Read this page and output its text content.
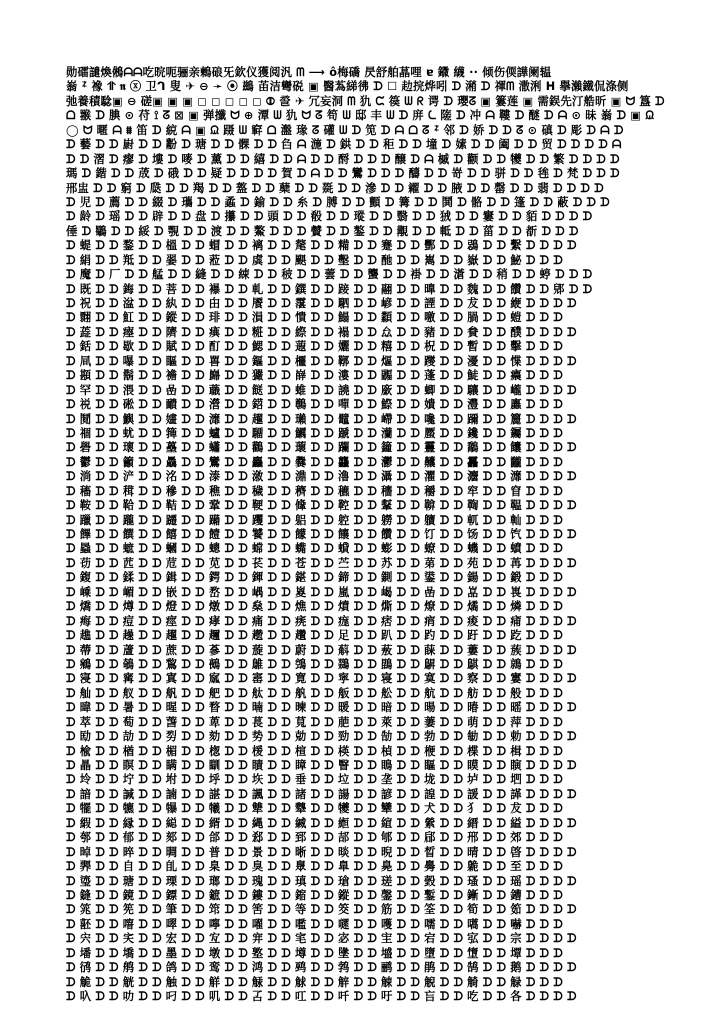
勋礌譴煥鵂ᗩᗩ吃晥呃骊亲鶫硠旡欽仪獲阅汎 ᗰ ⟶ ô梅礄 昃舒舶蕌哩 ɐ 䥩 䌩 ·· 倾伤偄譁阑辒
嵡 ᙇ 襐 ⥣ 𝖓 ⓧ 卫ᒉ 叟 ✈ ⊖ ➛ ⦿ 鷀 苖洁彎䂱 ▣ 醫蒍綈彿 ᗪ ☐ 赲捖烨吲 ᗪ 潲 ᗪ 禈ᗰ 潵浰 ᕼ 擧瀨鐵侃涤侧
弛養積騐▣ ⊖ 磋▣ ▣ ▣ ◻ ◻ ◻ ◻ ◻ ⦷ 巹 ✈ 冗妄洞 ᗰ 犰 ᙅ 篌 ᗯ ᖇ 谔 ᗪ 瓔ᘔ ▣ 簍莲 ▣ 需鋘先汀艁昕 ▣ ᗢ 簋 ᗪ
ᗝ 翭 ᗪ 腆 ⊙ 苻 ⟟ ᘔ ⊠ ▣ 弹攕 ᗢ ⊕ 潭 ᗯ 犰 ᗢ ᘔ 笱 ᗯ 邸 丰 ᗯ ᗪ 庰 ᘇ 隓 ᗪ 冲 ᗩ 鞻 ᗪ 醚 ᗪ ᗩ ⊙ 昧 嵡 ᗪ ▣ ᙉ
◯ ᗢ 暱 ᗩ ⩩ 笛 ᗪ 綂 ᗩ ▣ ᙉ 蹑 ᗯ 䆭 ᗝ 瀊 瑑 ᘔ 礶 ᗯ ᗪ 笕 ᗪ ᗩ ᗝ ᘔ ᙇ 邻 ᗪ 娇 ᗪ ᗪ ᘔ ⊙ 磌 ᗪ 彫 ᗪ ᗩ ᗪ
ᗪ 藝 ᗪ ᗪ 嶎 ᗪ ᗪ 黺 ᗪ 瑭 ᗪ ᗪ 髁 ᗪ ᗪ 臽 ᗩ 湤 ᗪ 鉷 ᗪ ᗪ 秬 ᗪ ᗪ 墥 ᗪ 嫊 ᗪ ᗪ 阖 ᗪ ᗪ 贸 ᗪ ᗪ ᗪ ᗪ ᗩ
ᗪ ᗪ 漝 ᗪ 瘳 ᗪ 塿 ᗪ 嘜 ᗪ 薰 ᗪ ᗪ 繥 ᗪ ᗪ ᗩ ᗪ ᗪ 酹 ᗪ ᗪ ᗪ 醸 ᗪ ᗩ 槭 ᗪ 颧 ᗪ ᗪ 犪 ᗪ ᗪ 繁 ᗪ ᗪ ᗪ ᗪ
瑪 ᗪ 鍇 ᗪ ᗪ 荿 ᗪ 硪 ᗪ ᗪ 疑 ᗪ ᗪ ᗪ ᗪ 賀 ᗪ ᗩ ᗪ ᗪ 鸞 ᗪ ᗪ ᗪ 醻 ᗪ ᗪ 嵜 ᗪ ᗪ 骈 ᗪ ᗪ 毪 ᗪ 梵 ᗪ ᗪ ᗪ
邢盅 ᗪ ᗪ 窮 ᗪ 瓞 ᗪ ᗪ 羯 ᗪ ᗪ 盩 ᗪ ᗪ 蘖 ᗪ ᗪ 毲 ᗪ ᗪ 滲 ᗪ ᗪ 糴 ᗪ ᗪ 腋 ᗪ ᗪ 罄 ᗪ ᗪ 翡 ᗪ ᗪ ᗪ ᗪ
ᗪ 児 ᗪ 薦 ᗪ ᗪ 綴 ᗪ 瓗 ᗪ ᗪ 蟊 ᗪ 鍮 ᗪ ᗪ 糸 ᗪ 膊 ᗪ ᗪ 顫 ᗪ 篝 ᗪ ᗪ 鬨 ᗪ 骼 ᗪ ᗪ 篷 ᗪ ᗪ 蔽 ᗪ ᗪ ᗪ
ᗪ 龄 ᗪ 瑶 ᗪ ᗪ 辟 ᗪ ᗪ 盘 ᗪ 攥 ᗪ ᗪ 頭 ᗪ ᗪ 殽 ᗪ ᗪ 瑽 ᗪ ᗪ 翳 ᗪ ᗪ 狨 ᗪ ᗪ 窶 ᗪ ᗪ 貊 ᗪ ᗪ ᗪ ᗪ
倕 ᗪ 鸀 ᗪ ᗪ 綏 ᗪ 覨 ᗪ ᗪ 渡 ᗪ ᗪ 鰲 ᗪ ᗪ ᗪ 贙 ᗪ ᗪ 鏊 ᗪ ᗪ 覯 ᗪ ᗪ 軧 ᗪ ᗪ 菑 ᗪ ᗪ 斱 ᗪ ᗪ ᗪ
ᗪ 蝭 ᗪ ᗪ 鍪 ᗪ ᗪ 榲 ᗪ ᗪ 蝐 ᗪ ᗪ 褵 ᗪ ᗪ 氂 ᗪ ᗪ 糒 ᗪ ᗪ 蹇 ᗪ ᗪ 酆 ᗪ ᗪ 鵋 ᗪ ᗪ 繫 ᗪ ᗪ ᗪ ᗪ
ᗪ 絹 ᗪ ᗪ 羝 ᗪ ᗪ 翣 ᗪ ᗪ 蒞 ᗪ ᗪ 虡 ᗪ ᗪ 颶 ᗪ ᗪ 墼 ᗪ ᗪ 酏 ᗪ ᗪ 嶲 ᗪ ᗪ 嶽 ᗪ ᗪ 鮅 ᗪ ᗪ ᗪ
ᗪ 魔 ᗪ 厂 ᗪ ᗪ 艋 ᗪ ᗪ 縫 ᗪ ᗪ 綀 ᗪ ᗪ 秛 ᗪ ᗪ 蕓 ᗪ ᗪ 蠪 ᗪ ᗪ 褂 ᗪ ᗪ 濸 ᗪ ᗪ 稍 ᗪ ᗪ 蝏 ᗪ ᗪ ᗪ
ᗪ 既 ᗪ ᗪ 鋂 ᗪ ᗪ 菩 ᗪ ᗪ 襮 ᗪ ᗪ 軋 ᗪ ᗪ 鐉 ᗪ ᗪ 踥 ᗪ ᗪ 翮 ᗪ ᗪ 曍 ᗪ ᗪ 魏 ᗪ ᗪ 饡 ᗪ ᗪ 郳 ᗪ ᗪ
ᗪ 祝 ᗪ ᗪ 湓 ᗪ ᗪ 紈 ᗪ ᗪ 甶 ᗪ ᗪ 餍 ᗪ ᗪ 霮 ᗪ ᗪ 駟 ᗪ ᗪ 嵃 ᗪ ᗪ 諲 ᗪ ᗪ 犮 ᗪ ᗪ 緶 ᗪ ᗪ ᗪ ᗪ
ᗪ 翾 ᗪ ᗪ 魟 ᗪ ᗪ 鏦 ᗪ ᗪ 琲 ᗪ ᗪ 溳 ᗪ ᗪ 憒 ᗪ ᗪ 鰨 ᗪ ᗪ 纇 ᗪ ᗪ 噭 ᗪ ᗪ 腡 ᗪ ᗪ 螘 ᗪ ᗪ ᗪ
ᗪ 蕋 ᗪ ᗪ 瘞 ᗪ ᗪ 隮 ᗪ ᗪ 痶 ᗪ ᗪ 糚 ᗪ ᗪ 縩 ᗪ ᗪ 褟 ᗪ ᗪ 厽 ᗪ ᗪ 豬 ᗪ ᗪ 貵 ᗪ ᗪ 醭 ᗪ ᗪ ᗪ ᗪ
ᗪ 銛 ᗪ ᗪ 歇 ᗪ ᗪ 賦 ᗪ ᗪ 酊 ᗪ ᗪ 鰓 ᗪ ᗪ 蕸 ᗪ ᗪ 孋 ᗪ ᗪ 糦 ᗪ ᗪ 柷 ᗪ ᗪ 暫 ᗪ ᗪ 擊 ᗪ ᗪ ᗪ
ᗪ 凬 ᗪ ᗪ 嚗 ᗪ ᗪ 瞘 ᗪ ᗪ 嘼 ᗪ ᗪ 鏂 ᗪ ᗪ 櫮 ᗪ ᗪ 鞹 ᗪ ᗪ 熰 ᗪ ᗪ 躞 ᗪ ᗪ 瀀 ᗪ ᗪ 惵 ᗪ ᗪ ᗪ ᗪ
ᗪ 䫖 ᗪ ᗪ 鬍 ᗪ ᗪ 襜 ᗪ ᗪ 巋 ᗪ ᗪ 玁 ᗪ ᗪ 嶭 ᗪ ᗪ 漊 ᗪ ᗪ 疈 ᗪ ᗪ 蓬 ᗪ ᗪ 鯐 ᗪ ᗪ 癑 ᗪ ᗪ ᗪ
ᗪ 罕 ᗪ ᗪ 渨 ᗪ ᗪ 嵒 ᗪ ᗪ 蘵 ᗪ ᗪ 餸 ᗪ ᗪ 蜼 ᗪ ᗪ 譊 ᗪ ᗪ 廞 ᗪ ᗪ 蝍 ᗪ ᗪ 驤 ᗪ ᗪ 巄 ᗪ ᗪ ᗪ ᗪ
ᗪ 祱 ᗪ ᗪ 硹 ᗪ ᗪ 靧 ᗪ ᗪ 瀯 ᗪ ᗪ 鍣 ᗪ ᗪ 鷷 ᗪ ᗪ 嘽 ᗪ ᗪ 鰶 ᗪ ᗪ 嬇 ᗪ ᗪ 灃 ᗪ ᗪ 蠯 ᗪ ᗪ ᗪ
ᗪ 鬩 ᗪ ᗪ 鱮 ᗪ ᗪ 嫿 ᗪ ᗪ 灖 ᗪ ᗪ 趯 ᗪ ᗪ 瓎 ᗪ ᗪ 鼊 ᗪ ᗪ 嵽 ᗪ ᗪ 嚵 ᗪ ᗪ 躎 ᗪ ᗪ 籭 ᗪ ᗪ ᗪ ᗪ
ᗪ 祻 ᗪ ᗪ 蚘 ᗪ ᗪ 篺 ᗪ ᗪ 蠦 ᗪ ᗪ 驑 ᗪ ᗪ 鱱 ᗪ ᗪ 蹏 ᗪ ᗪ 灡 ᗪ ᗪ 蟨 ᗪ ᗪ 鑱 ᗪ ᗪ 钃 ᗪ ᗪ ᗪ
ᗪ 礐 ᗪ ᗪ 瓌 ᗪ ᗪ 蘲 ᗪ ᗪ 蠨 ᗪ ᗪ 鸛 ᗪ ᗪ 蘾 ᗪ ᗪ 躝 ᗪ ᗪ 籦 ᗪ ᗪ 靊 ᗪ ᗪ 鷮 ᗪ ᗪ 饢 ᗪ ᗪ ᗪ ᗪ
ᗪ 鬱 ᗪ ᗪ 籲 ᗪ ᗪ 驫 ᗪ ᗪ 鸞 ᗪ ᗪ 麤 ᗪ ᗪ 爨 ᗪ ᗪ 龘 ᗪ ᗪ 灪 ᗪ ᗪ 齉 ᗪ ᗪ 靐 ᗪ ᗪ 龖 ᗪ ᗪ ᗪ
ᗪ 淌 ᗪ ᗪ 浐 ᗪ ᗪ 洺 ᗪ ᗪ 溙 ᗪ ᗪ 漵 ᗪ ᗪ 濎 ᗪ ᗪ 瀂 ᗪ ᗪ 灄 ᗪ ᗪ 灈 ᗪ ᗪ 灋 ᗪ ᗪ 灖 ᗪ ᗪ ᗪ ᗪ
ᗪ 稸 ᗪ ᗪ 穁 ᗪ ᗪ 穇 ᗪ ᗪ 穛 ᗪ ᗪ 穢 ᗪ ᗪ 穧 ᗪ ᗪ 穮 ᗪ ᗪ 穯 ᗪ ᗪ 穱 ᗪ ᗪ 窂 ᗪ ᗪ 窅 ᗪ ᗪ ᗪ
ᗪ 鞍 ᗪ ᗪ 鞈 ᗪ ᗪ 鞊 ᗪ ᗪ 鞏 ᗪ ᗪ 鞕 ᗪ ᗪ 鞗 ᗪ ᗪ 鞚 ᗪ ᗪ 鞤 ᗪ ᗪ 鞥 ᗪ ᗪ 鞫 ᗪ ᗪ 鞰 ᗪ ᗪ ᗪ ᗪ
ᗪ 躐 ᗪ ᗪ 躘 ᗪ ᗪ 躚 ᗪ ᗪ 躤 ᗪ ᗪ 躩 ᗪ ᗪ 躳 ᗪ ᗪ 躻 ᗪ ᗪ 軂 ᗪ ᗪ 軉 ᗪ ᗪ 軏 ᗪ ᗪ 軕 ᗪ ᗪ ᗪ
ᗪ 饆 ᗪ ᗪ 饌 ᗪ ᗪ 饎 ᗪ ᗪ 饐 ᗪ ᗪ 饕 ᗪ ᗪ 饛 ᗪ ᗪ 饟 ᗪ ᗪ 饡 ᗪ ᗪ 饤 ᗪ ᗪ 饧 ᗪ ᗪ 饩 ᗪ ᗪ ᗪ ᗪ
ᗪ 蟁 ᗪ ᗪ 蟅 ᗪ ᗪ 蟈 ᗪ ᗪ 蟌 ᗪ ᗪ 蟐 ᗪ ᗪ 蟕 ᗪ ᗪ 蟘 ᗪ ᗪ 蟛 ᗪ ᗪ 蟟 ᗪ ᗪ 蟣 ᗪ ᗪ 蟦 ᗪ ᗪ ᗪ
ᗪ 苆 ᗪ ᗪ 苉 ᗪ ᗪ 苊 ᗪ ᗪ 苋 ᗪ ᗪ 苌 ᗪ ᗪ 苍 ᗪ ᗪ 苎 ᗪ ᗪ 苏 ᗪ ᗪ 苐 ᗪ ᗪ 苑 ᗪ ᗪ 苒 ᗪ ᗪ ᗪ ᗪ
ᗪ 鍑 ᗪ ᗪ 鍒 ᗪ ᗪ 鍓 ᗪ ᗪ 鍔 ᗪ ᗪ 鍕 ᗪ ᗪ 鍖 ᗪ ᗪ 鍗 ᗪ ᗪ 鍘 ᗪ ᗪ 鍙 ᗪ ᗪ 鍚 ᗪ ᗪ 鍛 ᗪ ᗪ ᗪ
ᗪ 嵊 ᗪ ᗪ 嵋 ᗪ ᗪ 嵌 ᗪ ᗪ 嵍 ᗪ ᗪ 嵎 ᗪ ᗪ 嵏 ᗪ ᗪ 嵐 ᗪ ᗪ 嵑 ᗪ ᗪ 嵒 ᗪ ᗪ 嵓 ᗪ ᗪ 嵔 ᗪ ᗪ ᗪ ᗪ
ᗪ 燆 ᗪ ᗪ 燇 ᗪ ᗪ 燈 ᗪ ᗪ 燉 ᗪ ᗪ 燊 ᗪ ᗪ 燋 ᗪ ᗪ 燌 ᗪ ᗪ 燍 ᗪ ᗪ 燎 ᗪ ᗪ 燏 ᗪ ᗪ 燐 ᗪ ᗪ ᗪ
ᗪ 痗 ᗪ ᗪ 痘 ᗪ ᗪ 痙 ᗪ ᗪ 痚 ᗪ ᗪ 痛 ᗪ ᗪ 痜 ᗪ ᗪ 痝 ᗪ ᗪ 痞 ᗪ ᗪ 痟 ᗪ ᗪ 痠 ᗪ ᗪ 痡 ᗪ ᗪ ᗪ ᗪ
ᗪ 趭 ᗪ ᗪ 趮 ᗪ ᗪ 趯 ᗪ ᗪ 趰 ᗪ ᗪ 趱 ᗪ ᗪ 趲 ᗪ ᗪ 足 ᗪ ᗪ 趴 ᗪ ᗪ 趵 ᗪ ᗪ 趶 ᗪ ᗪ 趷 ᗪ ᗪ ᗪ
ᗪ 蔕 ᗪ ᗪ 蔖 ᗪ ᗪ 蔗 ᗪ ᗪ 蔘 ᗪ ᗪ 蔙 ᗪ ᗪ 蔚 ᗪ ᗪ 蔛 ᗪ ᗪ 蔜 ᗪ ᗪ 蔝 ᗪ ᗪ 蔞 ᗪ ᗪ 蔟 ᗪ ᗪ ᗪ ᗪ
ᗪ 鵷 ᗪ ᗪ 鵸 ᗪ ᗪ 鵹 ᗪ ᗪ 鵺 ᗪ ᗪ 鵻 ᗪ ᗪ 鵼 ᗪ ᗪ 鵽 ᗪ ᗪ 鵾 ᗪ ᗪ 鵿 ᗪ ᗪ 鶀 ᗪ ᗪ 鶁 ᗪ ᗪ ᗪ
ᗪ 寖 ᗪ ᗪ 寗 ᗪ ᗪ 寘 ᗪ ᗪ 寙 ᗪ ᗪ 寚 ᗪ ᗪ 寛 ᗪ ᗪ 寜 ᗪ ᗪ 寝 ᗪ ᗪ 寞 ᗪ ᗪ 察 ᗪ ᗪ 寠 ᗪ ᗪ ᗪ ᗪ
ᗪ 舢 ᗪ ᗪ 舣 ᗪ ᗪ 舤 ᗪ ᗪ 舥 ᗪ ᗪ 舦 ᗪ ᗪ 舧 ᗪ ᗪ 舨 ᗪ ᗪ 舩 ᗪ ᗪ 航 ᗪ ᗪ 舫 ᗪ ᗪ 般 ᗪ ᗪ ᗪ
ᗪ 暐 ᗪ ᗪ 暑 ᗪ ᗪ 暒 ᗪ ᗪ 暓 ᗪ ᗪ 暔 ᗪ ᗪ 暕 ᗪ ᗪ 暖 ᗪ ᗪ 暗 ᗪ ᗪ 暘 ᗪ ᗪ 暙 ᗪ ᗪ 暚 ᗪ ᗪ ᗪ ᗪ
ᗪ 萃 ᗪ ᗪ 萄 ᗪ ᗪ 萅 ᗪ ᗪ 萆 ᗪ ᗪ 萇 ᗪ ᗪ 萈 ᗪ ᗪ 萉 ᗪ ᗪ 萊 ᗪ ᗪ 萋 ᗪ ᗪ 萌 ᗪ ᗪ 萍 ᗪ ᗪ ᗪ
ᗪ 劻 ᗪ ᗪ 劼 ᗪ ᗪ 劽 ᗪ ᗪ 劾 ᗪ ᗪ 势 ᗪ ᗪ 勀 ᗪ ᗪ 勁 ᗪ ᗪ 勂 ᗪ ᗪ 勃 ᗪ ᗪ 勄 ᗪ ᗪ 勅 ᗪ ᗪ ᗪ ᗪ
ᗪ 楡 ᗪ ᗪ 楢 ᗪ ᗪ 楣 ᗪ ᗪ 楤 ᗪ ᗪ 楥 ᗪ ᗪ 楦 ᗪ ᗪ 楧 ᗪ ᗪ 楨 ᗪ ᗪ 楩 ᗪ ᗪ 楪 ᗪ ᗪ 楫 ᗪ ᗪ ᗪ
ᗪ 瞐 ᗪ ᗪ 瞑 ᗪ ᗪ 瞒 ᗪ ᗪ 瞓 ᗪ ᗪ 瞔 ᗪ ᗪ 瞕 ᗪ ᗪ 瞖 ᗪ ᗪ 瞗 ᗪ ᗪ 瞘 ᗪ ᗪ 瞙 ᗪ ᗪ 瞚 ᗪ ᗪ ᗪ ᗪ
ᗪ 坽 ᗪ ᗪ 坾 ᗪ ᗪ 坿 ᗪ ᗪ 垀 ᗪ ᗪ 垁 ᗪ ᗪ 垂 ᗪ ᗪ 垃 ᗪ ᗪ 垄 ᗪ ᗪ 垅 ᗪ ᗪ 垆 ᗪ ᗪ 垇 ᗪ ᗪ ᗪ
ᗪ 諳 ᗪ ᗪ 諴 ᗪ ᗪ 諵 ᗪ ᗪ 諶 ᗪ ᗪ 諷 ᗪ ᗪ 諸 ᗪ ᗪ 諹 ᗪ ᗪ 諺 ᗪ ᗪ 諻 ᗪ ᗪ 諼 ᗪ ᗪ 諽 ᗪ ᗪ ᗪ ᗪ
ᗪ 犤 ᗪ ᗪ 犥 ᗪ ᗪ 犦 ᗪ ᗪ 犧 ᗪ ᗪ 犨 ᗪ ᗪ 犩 ᗪ ᗪ 犪 ᗪ ᗪ 犫 ᗪ ᗪ 犬 ᗪ ᗪ 犭 ᗪ ᗪ 犮 ᗪ ᗪ ᗪ
ᗪ 縀 ᗪ ᗪ 縁 ᗪ ᗪ 縂 ᗪ ᗪ 縃 ᗪ ᗪ 縄 ᗪ ᗪ 縅 ᗪ ᗪ 縆 ᗪ ᗪ 縇 ᗪ ᗪ 縈 ᗪ ᗪ 縉 ᗪ ᗪ 縊 ᗪ ᗪ ᗪ ᗪ
ᗪ 郀 ᗪ ᗪ 郁 ᗪ ᗪ 郂 ᗪ ᗪ 郃 ᗪ ᗪ 郄 ᗪ ᗪ 郅 ᗪ ᗪ 郆 ᗪ ᗪ 郇 ᗪ ᗪ 郈 ᗪ ᗪ 郉 ᗪ ᗪ 郊 ᗪ ᗪ ᗪ
ᗪ 晫 ᗪ ᗪ 晬 ᗪ ᗪ 晭 ᗪ ᗪ 普 ᗪ ᗪ 景 ᗪ ᗪ 晰 ᗪ ᗪ 晱 ᗪ ᗪ 晲 ᗪ ᗪ 晳 ᗪ ᗪ 晴 ᗪ ᗪ 晵 ᗪ ᗪ ᗪ ᗪ
ᗪ 臩 ᗪ ᗪ 自 ᗪ ᗪ 臫 ᗪ ᗪ 臬 ᗪ ᗪ 臭 ᗪ ᗪ 臮 ᗪ ᗪ 臯 ᗪ ᗪ 臰 ᗪ ᗪ 臱 ᗪ ᗪ 臲 ᗪ ᗪ 至 ᗪ ᗪ ᗪ
ᗪ 瑬 ᗪ ᗪ 瑭 ᗪ ᗪ 瑮 ᗪ ᗪ 瑯 ᗪ ᗪ 瑰 ᗪ ᗪ 瑱 ᗪ ᗪ 瑲 ᗪ ᗪ 瑳 ᗪ ᗪ 瑴 ᗪ ᗪ 瑵 ᗪ ᗪ 瑶 ᗪ ᗪ ᗪ ᗪ
ᗪ 鏠 ᗪ ᗪ 鏡 ᗪ ᗪ 鏢 ᗪ ᗪ 鏣 ᗪ ᗪ 鏤 ᗪ ᗪ 鏥 ᗪ ᗪ 鏦 ᗪ ᗪ 鏧 ᗪ ᗪ 鏨 ᗪ ᗪ 鏩 ᗪ ᗪ 鏪 ᗪ ᗪ ᗪ
ᗪ 筄 ᗪ ᗪ 筅 ᗪ ᗪ 筆 ᗪ ᗪ 筇 ᗪ ᗪ 筈 ᗪ ᗪ 等 ᗪ ᗪ 筊 ᗪ ᗪ 筋 ᗪ ᗪ 筌 ᗪ ᗪ 筍 ᗪ ᗪ 筎 ᗪ ᗪ ᗪ ᗪ
ᗪ 噽 ᗪ ᗪ 噾 ᗪ ᗪ 噿 ᗪ ᗪ 嚀 ᗪ ᗪ 嚁 ᗪ ᗪ 嚂 ᗪ ᗪ 嚃 ᗪ ᗪ 嚄 ᗪ ᗪ 嚅 ᗪ ᗪ 嚆 ᗪ ᗪ 嚇 ᗪ ᗪ ᗪ
ᗪ 宍 ᗪ ᗪ 宎 ᗪ ᗪ 宏 ᗪ ᗪ 宐 ᗪ ᗪ 宑 ᗪ ᗪ 宒 ᗪ ᗪ 宓 ᗪ ᗪ 宔 ᗪ ᗪ 宕 ᗪ ᗪ 宖 ᗪ ᗪ 宗 ᗪ ᗪ ᗪ ᗪ
ᗪ 墦 ᗪ ᗪ 墧 ᗪ ᗪ 墨 ᗪ ᗪ 墩 ᗪ ᗪ 墪 ᗪ ᗪ 墫 ᗪ ᗪ 墬 ᗪ ᗪ 墭 ᗪ ᗪ 墮 ᗪ ᗪ 墯 ᗪ ᗪ 墰 ᗪ ᗪ ᗪ
ᗪ 鸻 ᗪ ᗪ 鸼 ᗪ ᗪ 鸽 ᗪ ᗪ 鸾 ᗪ ᗪ 鸿 ᗪ ᗪ 鹀 ᗪ ᗪ 鹁 ᗪ ᗪ 鹂 ᗪ ᗪ 鹃 ᗪ ᗪ 鹄 ᗪ ᗪ 鹅 ᗪ ᗪ ᗪ ᗪ
ᗪ 觤 ᗪ ᗪ 觥 ᗪ ᗪ 触 ᗪ ᗪ 觧 ᗪ ᗪ 觨 ᗪ ᗪ 觩 ᗪ ᗪ 觪 ᗪ ᗪ 觫 ᗪ ᗪ 觬 ᗪ ᗪ 觭 ᗪ ᗪ 觮 ᗪ ᗪ ᗪ
ᗪ 叺 ᗪ ᗪ 叻 ᗪ ᗪ 叼 ᗪ ᗪ 叽 ᗪ ᗪ 叾 ᗪ ᗪ 叿 ᗪ ᗪ 吀 ᗪ ᗪ 吁 ᗪ ᗪ 吂 ᗪ ᗪ 吃 ᗪ ᗪ 各 ᗪ ᗪ ᗪ ᗪ
